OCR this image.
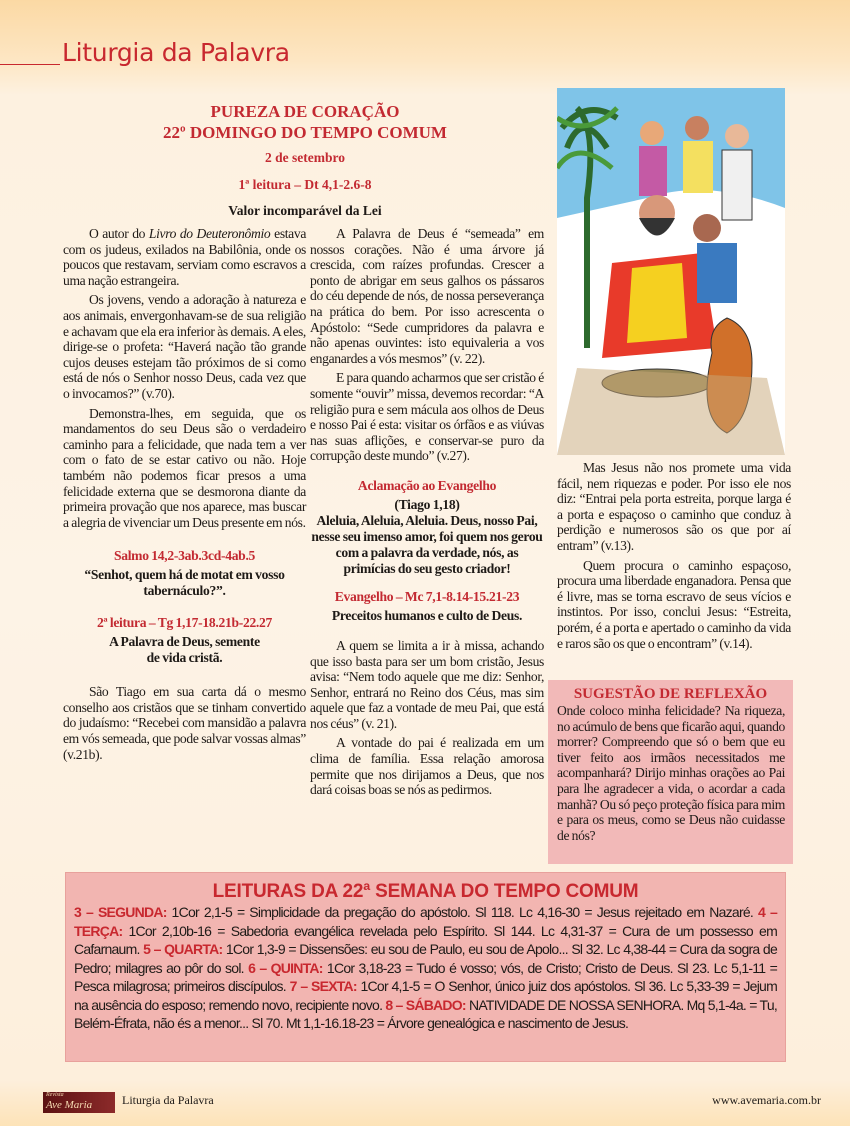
Liturgia da Palavra
PUREZA DE CORAÇÃO
22º DOMINGO DO TEMPO COMUM
2 de setembro
1ª leitura – Dt 4,1-2.6-8
Valor incomparável da Lei

O autor do Livro do Deuteronômio estava com os judeus, exilados na Babilônia, onde os poucos que restavam, serviam como escravos a uma nação estrangeira.

Os jovens, vendo a adoração à natureza e aos animais, envergonhavam-se de sua religião e achavam que ela era inferior às demais. A eles, dirige-se o profeta: “Haverá nação tão grande cujos deuses estejam tão próximos de si como está de nós o Senhor nosso Deus, cada vez que o invocamos?” (v.70).

Demonstra-lhes, em seguida, que os mandamentos do seu Deus são o verdadeiro caminho para a felicidade, que nada tem a ver com o fato de se estar cativo ou não. Hoje também não podemos ficar presos a uma felicidade externa que se desmorona diante da primeira provação que nos aparece, mas buscar a alegria de vivenciar um Deus presente em nós.

Salmo 14,2-3ab.3cd-4ab.5
“Senhot, quem há de motat em vosso tabernáculo?”.
2ª leitura – Tg 1,17-18.21b-22.27
A Palavra de Deus, semente de vida cristã.

São Tiago em sua carta dá o mesmo conselho aos cristãos que se tinham convertido do judaísmo: “Recebei com mansidão a palavra em vós semeada, que pode salvar vossas almas” (v.21b).

A Palavra de Deus é “semeada” em nossos corações. Não é uma árvore já crescida, com raízes profundas. Crescer a ponto de abrigar em seus galhos os pássaros do céu depende de nós, de nossa perseverança na prática do bem. Por isso acrescenta o Apóstolo: “Sede cumpridores da palavra e não apenas ouvintes: isto equivaleria a vos enganardes a vós mesmos” (v. 22).

E para quando acharmos que ser cristão é somente “ouvir” missa, devemos recordar: “A religião pura e sem mácula aos olhos de Deus e nosso Pai é esta: visitar os órfãos e as viúvas nas suas aflições, e conservar-se puro da corrupção deste mundo” (v.27).

Aclamação ao Evangelho
(Tiago 1,18)
Aleluia, Aleluia, Aleluia. Deus, nosso Pai, nesse seu imenso amor, foi quem nos gerou com a palavra da verdade, nós, as primícias do seu gesto criador!
Evangelho – Mc 7,1-8.14-15.21-23
Preceitos humanos e culto de Deus.

A quem se limita a ir à missa, achando que isso basta para ser um bom cristão, Jesus avisa: “Nem todo aquele que me diz: Senhor, Senhor, entrará no Reino dos Céus, mas sim aquele que faz a vontade de meu Pai, que está nos céus” (v. 21).

A vontade do pai é realizada em um clima de família. Essa relação amorosa permite que nos dirijamos a Deus, que nos dará coisas boas se nós as pedirmos.

Mas Jesus não nos promete uma vida fácil, nem riquezas e poder. Por isso ele nos diz: “Entrai pela porta estreita, porque larga é a porta e espaçoso o caminho que conduz à perdição e numerosos são os que por aí entram” (v.13).

Quem procura o caminho espaçoso, procura uma liberdade enganadora. Pensa que é livre, mas se torna escravo de seus vícios e instintos. Por isso, conclui Jesus: “Estreita, porém, é a porta e apertado o caminho da vida e raros são os que o encontram” (v.14).

SUGESTÃO DE REFLEXÃO
Onde coloco minha felicidade? Na riqueza, no acúmulo de bens que ficarão aqui, quando morrer? Compreendo que só o bem que eu tiver feito aos irmãos necessitados me acompanhará? Dirijo minhas orações ao Pai para lhe agradecer a vida, o acordar a cada manhã? Ou só peço proteção física para mim e para os meus, como se Deus não cuidasse de nós?
LEITURAS DA 22ª SEMANA DO TEMPO COMUM
3 – SEGUNDA: 1Cor 2,1-5 = Simplicidade da pregação do apóstolo. Sl 118. Lc 4,16-30 = Jesus rejeitado em Nazaré. 4 – TERÇA: 1Cor 2,10b-16 = Sabedoria evangélica revelada pelo Espírito. Sl 144. Lc 4,31-37 = Cura de um possesso em Cafarnaum. 5 – QUARTA: 1Cor 1,3-9 = Dissensões: eu sou de Paulo, eu sou de Apolo... Sl 32. Lc 4,38-44 = Cura da sogra de Pedro; milagres ao pôr do sol. 6 – QUINTA: 1Cor 3,18-23 = Tudo é vosso; vós, de Cristo; Cristo de Deus. Sl 23. Lc 5,1-11 = Pesca milagrosa; primeiros discípulos. 7 – SEXTA: 1Cor 4,1-5 = O Senhor, único juiz dos apóstolos. Sl 36. Lc 5,33-39 = Jejum na ausência do esposo; remendo novo, recipiente novo. 8 – SÁBADO: NATIVIDADE DE NOSSA SENHORA. Mq 5,1-4a. = Tu, Belém-Éfrata, não és a menor... Sl 70. Mt 1,1-16.18-23 = Árvore genealógica e nascimento de Jesus.
Revista
Ave Maria	Liturgia da Palavra	www.avemaria.com.br
